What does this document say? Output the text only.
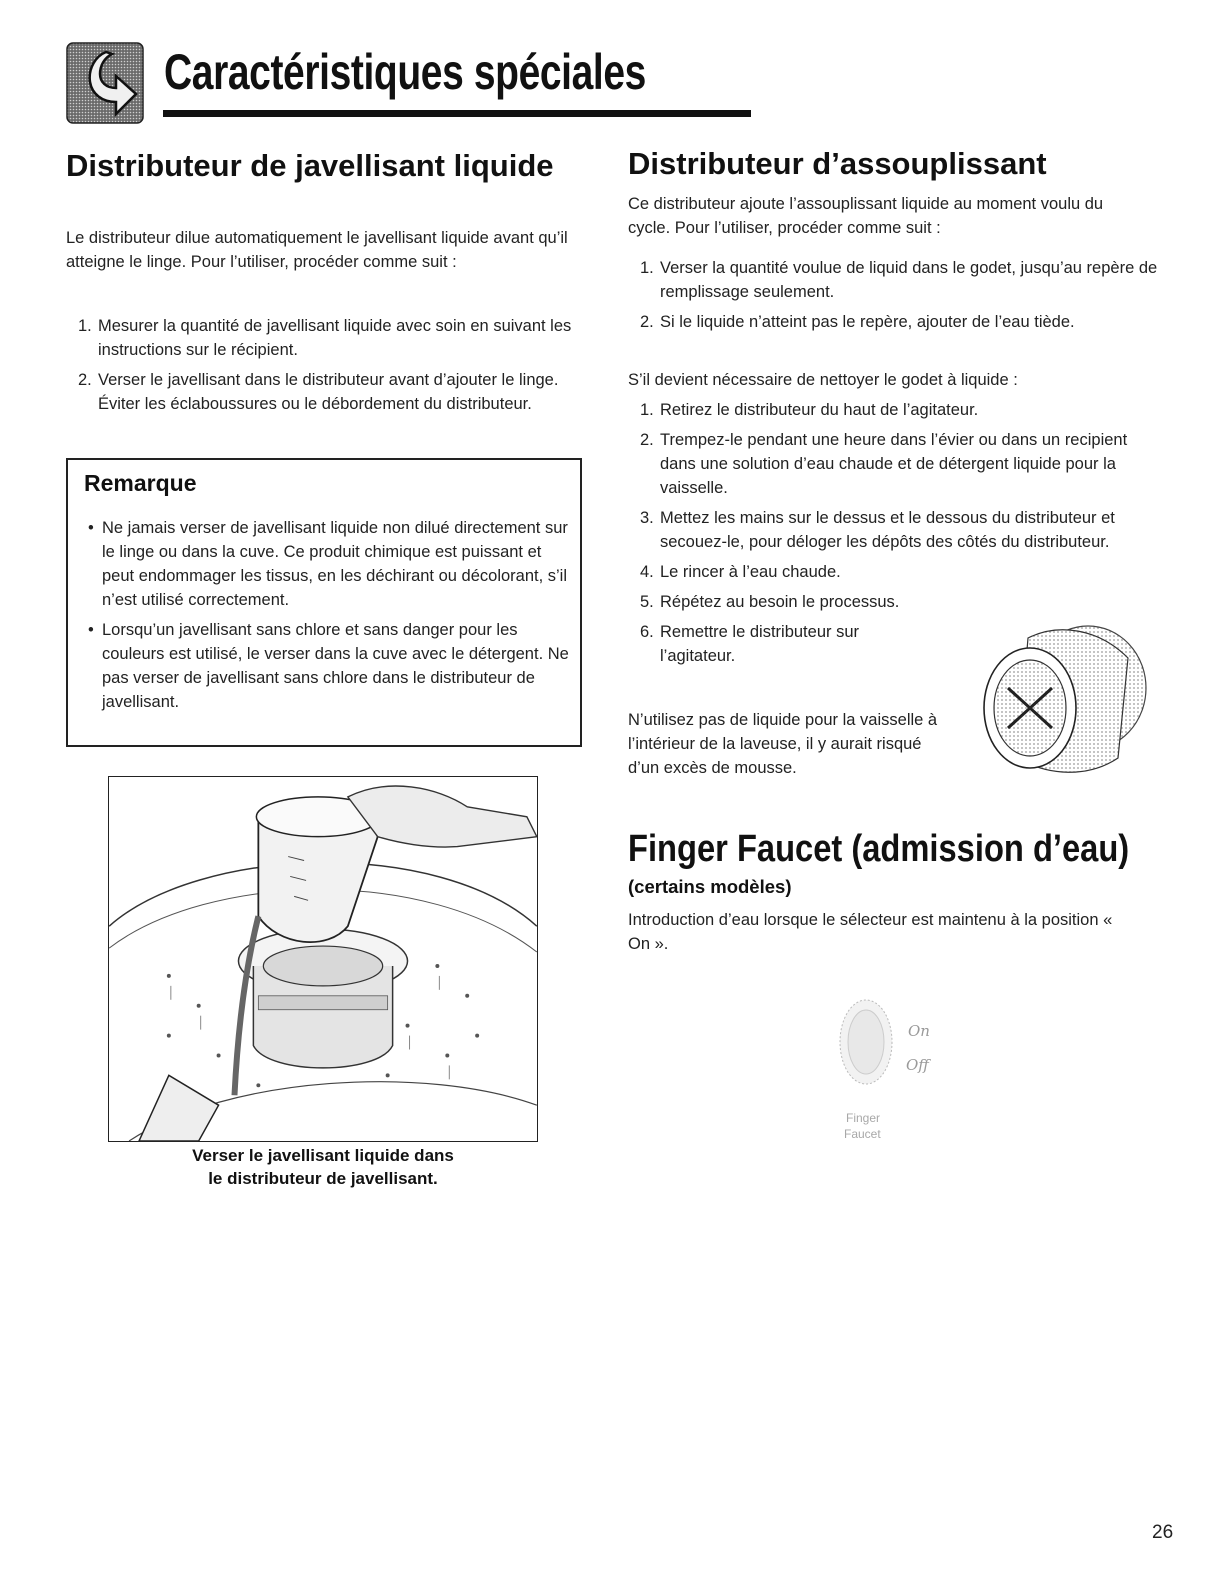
Caractéristiques spéciales
Distributeur de javellisant liquide

Le distributeur dilue automatiquement le javellisant liquide avant qu’il atteigne le linge. Pour l’utiliser, procéder comme suit :

1. Mesurer la quantité de javellisant liquide avec soin en suivant les instructions sur le récipient.
2. Verser le javellisant dans le distributeur avant d’ajouter le linge. Éviter les éclaboussures ou le débordement du distributeur.
Remarque
• Ne jamais verser de javellisant liquide non dilué directement sur le linge ou dans la cuve. Ce produit chimique est puissant et peut endommager les tissus, en les déchirant ou décolorant, s’il n’est utilisé correctement.
• Lorsqu’un javellisant sans chlore et sans danger pour les couleurs est utilisé, le verser dans la cuve avec le détergent. Ne pas verser de javellisant sans chlore dans le distributeur de javellisant.
Verser le javellisant liquide dans
le distributeur de javellisant.
Distributeur d’assouplissant

Ce distributeur ajoute l’assouplissant liquide au moment voulu du cycle. Pour l’utiliser, procéder comme suit :

1. Verser la quantité voulue de liquid dans le godet, jusqu’au repère de remplissage seulement.
2. Si le liquide n’atteint pas le repère, ajouter de l’eau tiède.

S’il devient nécessaire de nettoyer le godet à liquide :

1. Retirez le distributeur du haut de l’agitateur.
2. Trempez-le pendant une heure dans l’évier ou dans un recipient dans une solution d’eau chaude et de détergent liquide pour la vaisselle.
3. Mettez les mains sur le dessus et le dessous du distributeur et secouez-le, pour déloger les dépôts des côtés du distributeur.
4. Le rincer à l’eau chaude.
5. Répétez au besoin le processus.
6. Remettre le distributeur sur l’agitateur.

N’utilisez pas de liquide pour la vaisselle à l’intérieur de la laveuse, il y aurait risqué d’un excès de mousse.

Finger Faucet (admission d’eau)
(certains modèles)

Introduction d’eau lorsque le sélecteur est maintenu à la position « On ».

On
Off
Finger
Faucet
26
